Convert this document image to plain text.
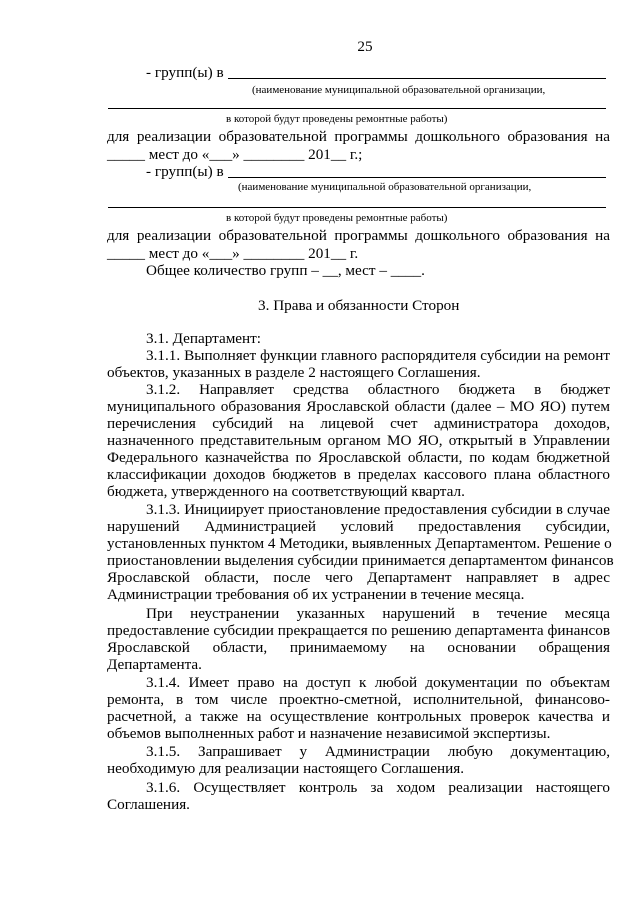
25
- групп(ы) в
(наименование муниципальной образовательной организации,
в которой будут проведены ремонтные работы)
для реализации образовательной программы дошкольного образования на
_____ мест до «___» ________ 201__ г.;
- групп(ы) в
(наименование муниципальной образовательной организации,
в которой будут проведены ремонтные работы)
для реализации образовательной программы дошкольного образования на
_____ мест до «___» ________ 201__ г.
Общее количество групп – __, мест – ____.
3. Права и обязанности Сторон
3.1. Департамент:
3.1.1. Выполняет функции главного распорядителя субсидии на ремонт
объектов, указанных в разделе 2 настоящего Соглашения.
3.1.2. Направляет средства областного бюджета в бюджет
муниципального образования Ярославской области (далее – МО ЯО) путем
перечисления субсидий на лицевой счет администратора доходов,
назначенного представительным органом МО ЯО, открытый в Управлении
Федерального казначейства по Ярославской области, по кодам бюджетной
классификации доходов бюджетов в пределах кассового плана областного
бюджета, утвержденного на соответствующий квартал.
3.1.3. Инициирует приостановление предоставления субсидии в случае
нарушений Администрацией условий предоставления субсидии,
установленных пунктом 4 Методики, выявленных Департаментом. Решение о
приостановлении выделения субсидии принимается департаментом финансов
Ярославской области, после чего Департамент направляет в адрес
Администрации требования об их устранении в течение месяца.
При неустранении указанных нарушений в течение месяца
предоставление субсидии прекращается по решению департамента финансов
Ярославской области, принимаемому на основании обращения
Департамента.
3.1.4. Имеет право на доступ к любой документации по объектам
ремонта, в том числе проектно-сметной, исполнительной, финансово-
расчетной, а также на осуществление контрольных проверок качества и
объемов выполненных работ и назначение независимой экспертизы.
3.1.5. Запрашивает у Администрации любую документацию,
необходимую для реализации настоящего Соглашения.
3.1.6. Осуществляет контроль за ходом реализации настоящего
Соглашения.
